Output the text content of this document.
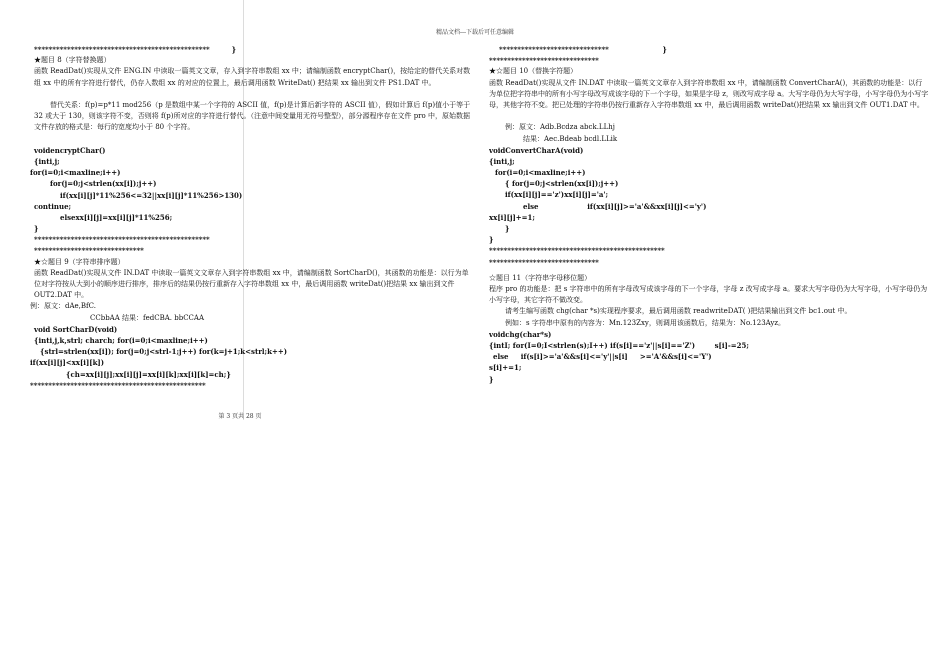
精品文档---下载后可任意编辑
************************************************         }
★题目 8（字符替换题）
函数 ReadDat()实现从文件 ENG.IN 中读取一篇英文文章，存入到字符串数组 xx 中；请编制函数 encryptChar()，按给定的替代关系对数组 xx 中的所有字符进行替代，仍存入数组 xx 的对应的位置上，最后调用函数 WriteDat() 把结果 xx 输出到文件 PS1.DAT 中。
替代关系：f(p)=p*11 mod256（p 是数组中某一个字符的 ASCII 值，f(p)是计算后新字符的 ASCII 值），假如计算后 f(p)值小于等于 32 或大于 130，则该字符不变，否则将 f(p)所对应的字符进行替代。（注意中间变量用无符号整型），部分源程序存在文件 pro 中，原始数据文件存放的格式是：每行的宽度均小于 80 个字符。
voidencryptChar()
{inti,j;
for(i=0;i<maxline;i++)
for(j=0;j<strlen(xx[i]);j++)
if(xx[i][j]*11%256<=32||xx[i][j]*11%256>130)
continue;
elsexx[i][j]=xx[i][j]*11%256;
}
************************************************
******************************
★☆题目 9（字符串排序题）
函数 ReadDat()实现从文件 IN.DAT 中读取一篇英文文章存入到字符串数组 xx 中，请编制函数 SortCharD()，其函数的功能是：以行为单位对字符按从大到小的顺序进行排序，排序后的结果仍按行重新存入字符串数组 xx 中，最后调用函数 writeDat()把结果 xx 输出到文件 OUT2.DAT 中。
例：原文：dAe,BfC.
CCbbAA 结果：fedCBA. bbCCAA
void SortCharD(void)
{inti,j,k,strl; charch; for(i=0;i<maxline;i++)
{strl=strlen(xx[i]); for(j=0;j<strl-1;j++) for(k=j+1;k<strl;k++)
if(xx[i][j]<xx[i][k])
{ch=xx[i][j];xx[i][j]=xx[i][k];xx[i][k]=ch;}
************************************************
第 3 页共 28 页
******************************                      }
******************************
★☆题目 10（替换字符题）
函数 ReadDat()实现从文件 IN.DAT 中读取一篇英文文章存入到字符串数组 xx 中，请编制函数 ConvertCharA()，其函数的功能是：以行为单位把字符串中的所有小写字母改写成该字母的下一个字母，如果是字母 z，则改写成字母 a。大写字母仍为大写字母，小写字母仍为小写字母，其他字符不变。把已处理的字符串仍按行重新存入字符串数组 xx 中，最后调用函数 writeDat()把结果 xx 输出到文件 OUT1.DAT 中。
例：原文：Adb.Bcdza abck.LLhj
结果：Aec.Bdeab bcdl.LLik
voidConvertCharA(void)
{inti,j;
for(i=0;i<maxline;i++)
{ for(j=0;j<strlen(xx[i]);j++)
if(xx[i][j]=='z')xx[i][j]='a';
else                    if(xx[i][j]>='a'&&xx[i][j]<='y')
xx[i][j]+=1;
}
}
************************************************
******************************
☆题目 11（字符串字母移位题）
程序 pro 的功能是：把 s 字符串中的所有字母改写成该字母的下一个字母，字母 z 改写成字母 a。要求大写字母仍为大写字母，小写字母仍为小写字母，其它字符不做改变。
请考生编写函数 chg(char *s)实现程序要求，最后调用函数 readwriteDAT( )把结果输出到文件 bc1.out 中。
例如：s 字符串中原有的内容为：Mn.123Zxy，则调用该函数后，结果为：No.123Ayz。
voidchg(char*s)
{intI; for(I=0;I<strlen(s);I++) if(s[i]=='z'||s[i]=='Z')        s[i]-=25;
else     if(s[i]>='a'&&s[i]<='y'||s[i]     >='A'&&s[i]<='Y')
s[i]+=1;
}
